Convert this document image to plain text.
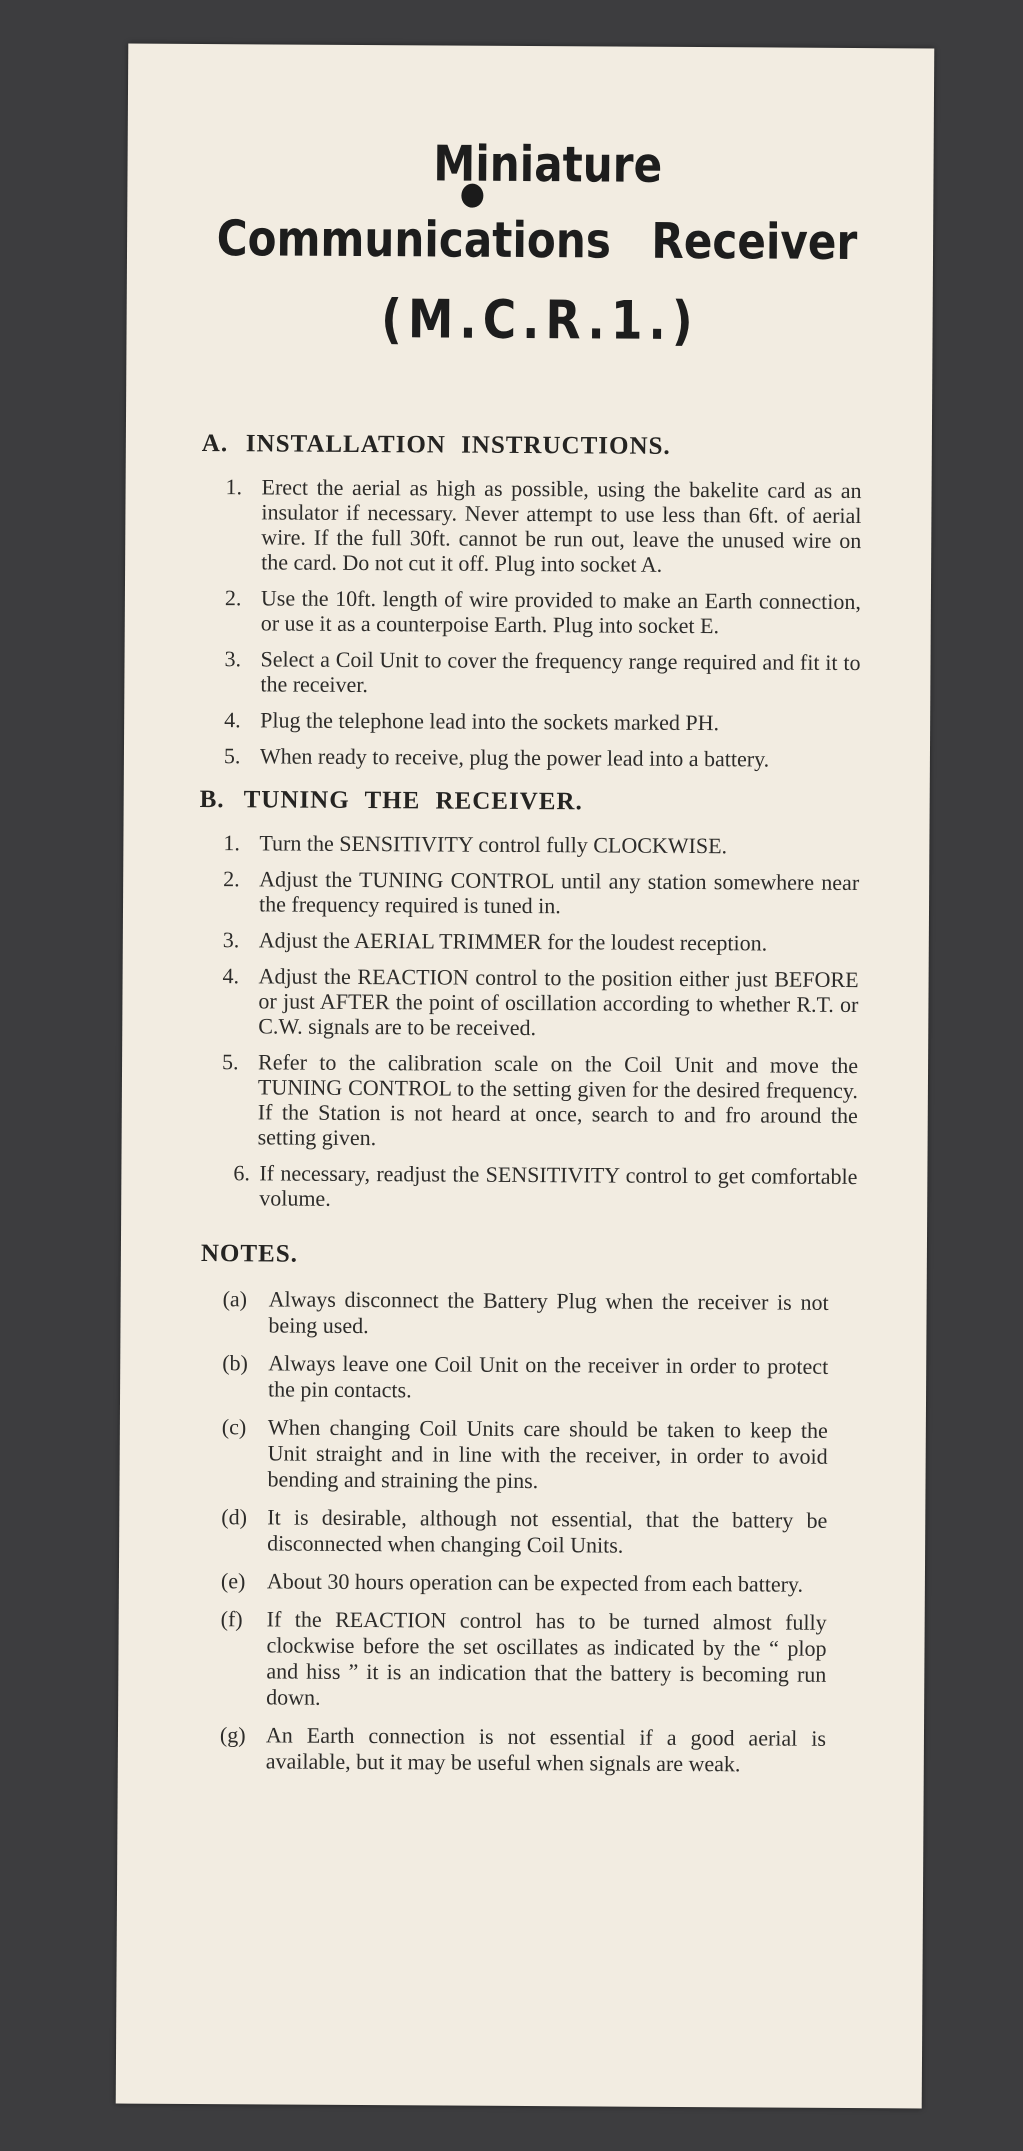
Miniature
Communications Receiver
(M.C.R.1.)
A. INSTALLATION INSTRUCTIONS.
1. Erect the aerial as high as possible, using the bakelite card as an insulator if necessary. Never attempt to use less than 6ft. of aerial wire. If the full 30ft. cannot be run out, leave the unused wire on the card. Do not cut it off. Plug into socket A.
2. Use the 10ft. length of wire provided to make an Earth connection, or use it as a counterpoise Earth. Plug into socket E.
3. Select a Coil Unit to cover the frequency range required and fit it to the receiver.
4. Plug the telephone lead into the sockets marked PH.
5. When ready to receive, plug the power lead into a battery.
B. TUNING THE RECEIVER.
1. Turn the SENSITIVITY control fully CLOCKWISE.
2. Adjust the TUNING CONTROL until any station somewhere near the frequency required is tuned in.
3. Adjust the AERIAL TRIMMER for the loudest reception.
4. Adjust the REACTION control to the position either just BEFORE or just AFTER the point of oscillation according to whether R.T. or C.W. signals are to be received.
5. Refer to the calibration scale on the Coil Unit and move the TUNING CONTROL to the setting given for the desired frequency. If the Station is not heard at once, search to and fro around the setting given.
6. If necessary, readjust the SENSITIVITY control to get comfortable volume.
NOTES.
(a) Always disconnect the Battery Plug when the receiver is not being used.
(b) Always leave one Coil Unit on the receiver in order to protect the pin contacts.
(c) When changing Coil Units care should be taken to keep the Unit straight and in line with the receiver, in order to avoid bending and straining the pins.
(d) It is desirable, although not essential, that the battery be disconnected when changing Coil Units.
(e) About 30 hours operation can be expected from each battery.
(f) If the REACTION control has to be turned almost fully clockwise before the set oscillates as indicated by the “ plop and hiss ” it is an indication that the battery is becoming run down.
(g) An Earth connection is not essential if a good aerial is available, but it may be useful when signals are weak.
